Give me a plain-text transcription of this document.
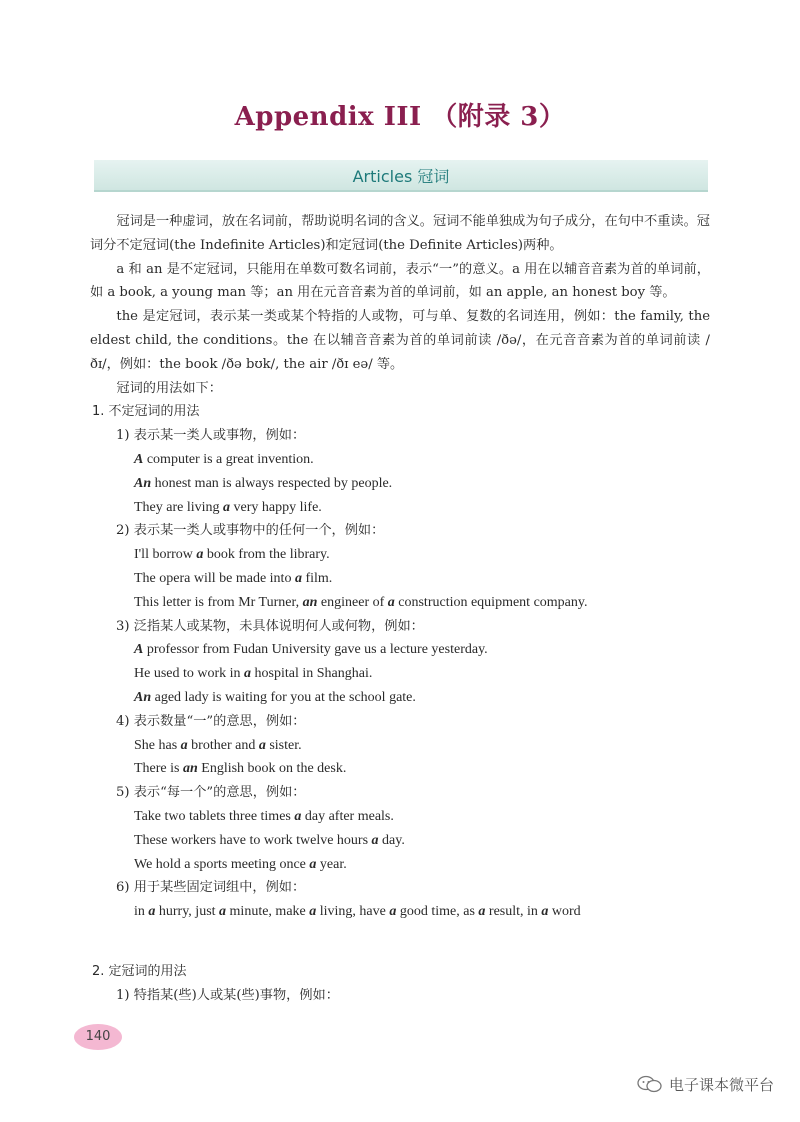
Appendix III （附录 3）
Articles 冠词

冠词是一种虚词，放在名词前，帮助说明名词的含义。冠词不能单独成为句子成分，在句中不重读。冠词分不定冠词(the Indefinite Articles)和定冠词(the Definite Articles)两种。

a 和 an 是不定冠词，只能用在单数可数名词前，表示“一”的意义。a 用在以辅音音素为首的单词前，如 a book, a young man 等；an 用在元音音素为首的单词前，如 an apple, an honest boy 等。

the 是定冠词，表示某一类或某个特指的人或物，可与单、复数的名词连用，例如：the family, the eldest child, the conditions。the 在以辅音音素为首的单词前读 /ðə/，在元音音素为首的单词前读 /ðɪ/，例如：the book /ðə bʊk/, the air /ðɪ eə/ 等。

冠词的用法如下：

1. 不定冠词的用法

1) 表示某一类人或事物，例如：

A computer is a great invention.

An honest man is always respected by people.

They are living a very happy life.

2) 表示某一类人或事物中的任何一个，例如：

I'll borrow a book from the library.

The opera will be made into a film.

This letter is from Mr Turner, an engineer of a construction equipment company.

3) 泛指某人或某物，未具体说明何人或何物，例如：

A professor from Fudan University gave us a lecture yesterday.

He used to work in a hospital in Shanghai.

An aged lady is waiting for you at the school gate.

4) 表示数量“一”的意思，例如：

She has a brother and a sister.

There is an English book on the desk.

5) 表示“每一个”的意思，例如：

Take two tablets three times a day after meals.

These workers have to work twelve hours a day.

We hold a sports meeting once a year.

6) 用于某些固定词组中，例如：

in a hurry, just a minute, make a living, have a good time, as a result, in a word

2. 定冠词的用法

1) 特指某(些)人或某(些)事物，例如：

140
电子课本微平台
